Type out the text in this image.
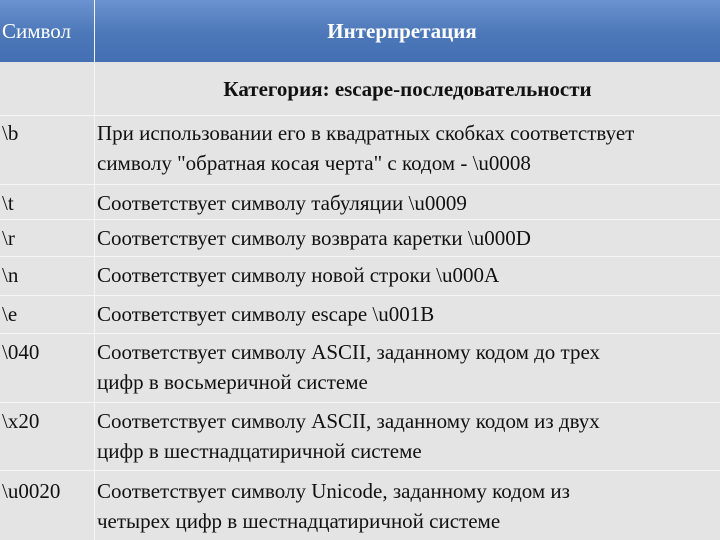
Символ	Интерпретация
Категория: escape-последовательности
\b	При использовании его в квадратных скобках соответствует
символу "обратная косая черта" с кодом - \u0008
\t	Соответствует символу табуляции \u0009
\r	Соответствует символу возврата каретки \u000D
\n	Соответствует символу новой строки \u000A
\e	Соответствует символу escape \u001B
\040	Соответствует символу ASCII, заданному кодом до трех
цифр в восьмеричной системе
\x20	Соответствует символу ASCII, заданному кодом из двух
цифр в шестнадцатиричной системе
\u0020 Соответствует символу Unicode, заданному кодом из
четырех цифр в шестнадцатиричной системе
